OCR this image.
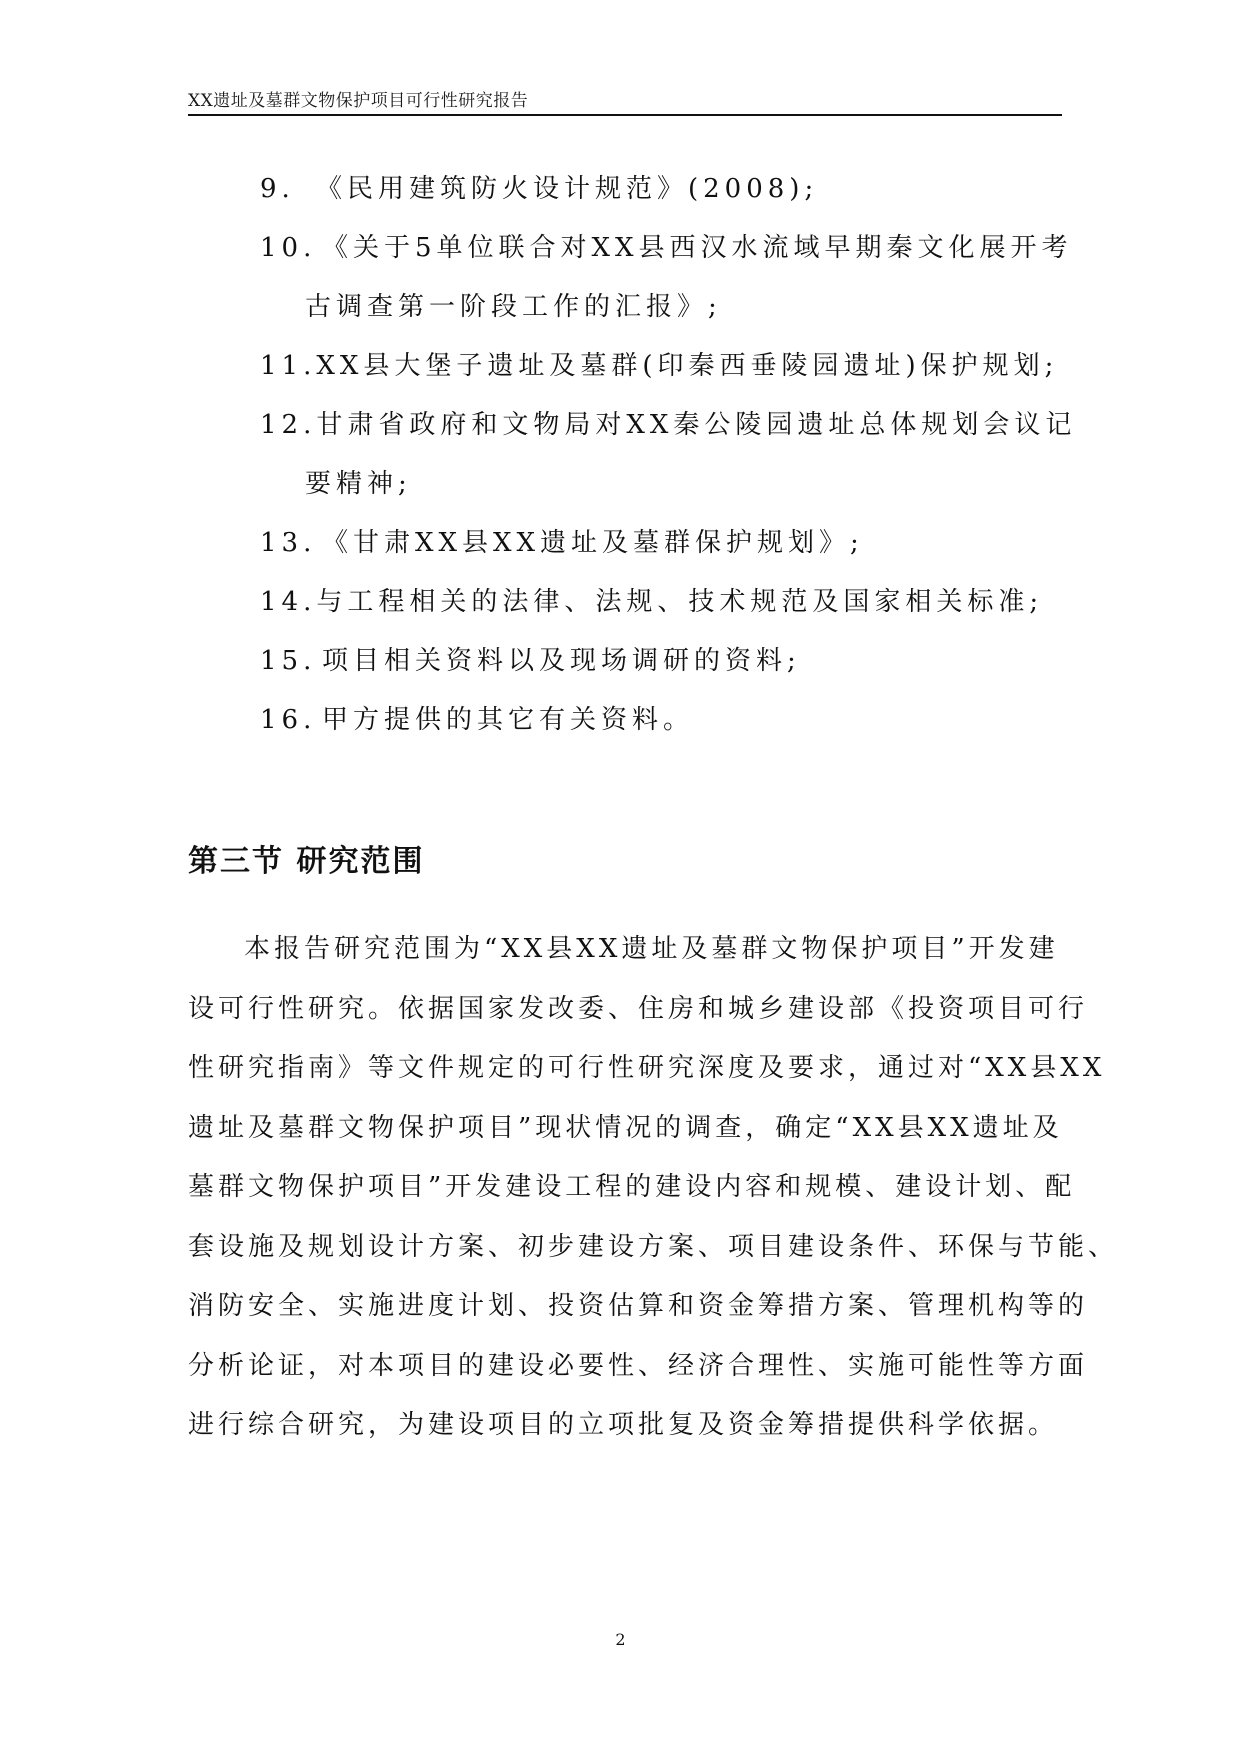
XX遗址及墓群文物保护项目可行性研究报告
9. 《民用建筑防火设计规范》(2008);
10. 《关于5单位联合对XX县西汉水流域早期秦文化展开考
古调查第一阶段工作的汇报》;
11.XX县大堡子遗址及墓群(印秦西垂陵园遗址)保护规划;
12.甘肃省政府和文物局对XX秦公陵园遗址总体规划会议记
要精神;
13. 《甘肃XX县XX遗址及墓群保护规划》;
14.与工程相关的法律、法规、技术规范及国家相关标准;
15. 项目相关资料以及现场调研的资料;
16. 甲方提供的其它有关资料。
第三节 研究范围

本报告研究范围为“XX县XX遗址及墓群文物保护项目”开发建
设可行性研究。依据国家发改委、住房和城乡建设部《投资项目可行
性研究指南》等文件规定的可行性研究深度及要求，通过对“XX县XX
遗址及墓群文物保护项目”现状情况的调查，确定“XX县XX遗址及
墓群文物保护项目”开发建设工程的建设内容和规模、建设计划、配
套设施及规划设计方案、初步建设方案、项目建设条件、环保与节能、
消防安全、实施进度计划、投资估算和资金筹措方案、管理机构等的
分析论证，对本项目的建设必要性、经济合理性、实施可能性等方面
进行综合研究，为建设项目的立项批复及资金筹措提供科学依据。

2
